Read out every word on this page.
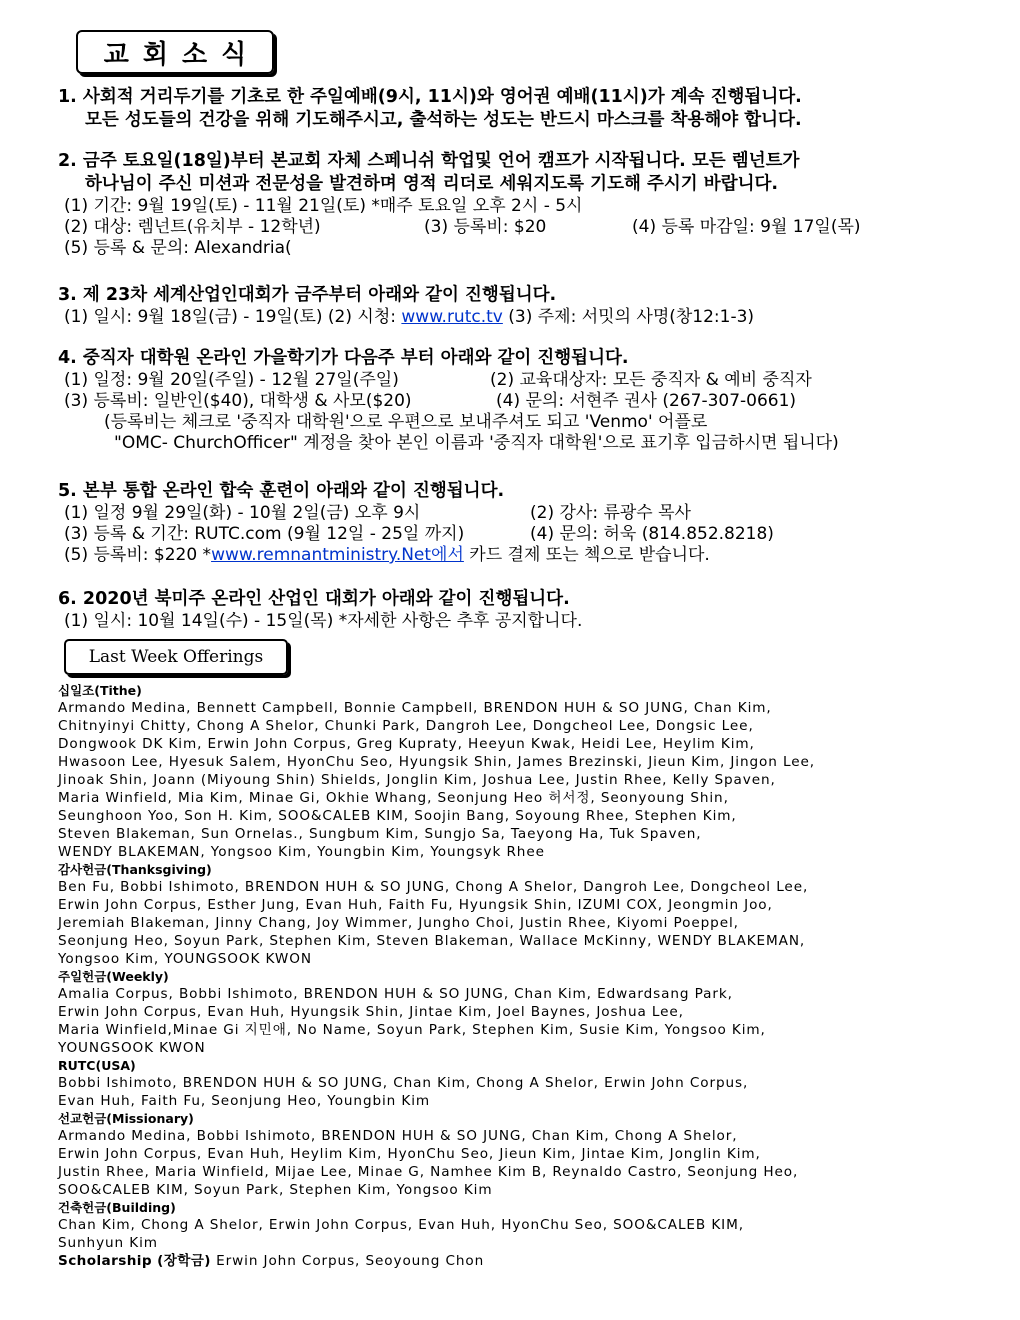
교회소식
1. 사회적 거리두기를 기초로 한 주일예배(9시, 11시)와 영어권 예배(11시)가 계속 진행됩니다.
모든 성도들의 건강을 위해 기도해주시고, 출석하는 성도는 반드시 마스크를 착용해야 합니다.
2. 금주 토요일(18일)부터 본교회 자체 스페니쉬 학업및 언어 캠프가 시작됩니다. 모든 렘넌트가
하나님이 주신 미션과 전문성을 발견하며 영적 리더로 세워지도록 기도해 주시기 바랍니다.
(1) 기간: 9월 19일(토) - 11월 21일(토) *매주 토요일 오후 2시 - 5시
(2) 대상: 렘넌트(유치부 - 12학년)	(3) 등록비: $20	(4) 등록 마감일: 9월 17일(목)
(5) 등록 & 문의: Alexandria(
3. 제 23차 세계산업인대회가 금주부터 아래와 같이 진행됩니다.
(1) 일시: 9월 18일(금) - 19일(토) (2) 시청: www.rutc.tv (3) 주제: 서밋의 사명(창12:1-3)
4. 중직자 대학원 온라인 가을학기가 다음주 부터 아래와 같이 진행됩니다.
(1) 일정: 9월 20일(주일) - 12월 27일(주일)	(2) 교육대상자: 모든 중직자 & 예비 중직자
(3) 등록비: 일반인($40), 대학생 & 사모($20)	(4) 문의: 서현주 권사 (267-307-0661)
(등록비는 체크로 '중직자 대학원'으로 우편으로 보내주셔도 되고 'Venmo' 어플로
"OMC- ChurchOfficer" 계정을 찾아 본인 이름과 '중직자 대학원'으로 표기후 입금하시면 됩니다)
5. 본부 통합 온라인 합숙 훈련이 아래와 같이 진행됩니다.
(1) 일정 9월 29일(화) - 10월 2일(금) 오후 9시	(2) 강사: 류광수 목사
(3) 등록 & 기간: RUTC.com (9월 12일 - 25일 까지)	(4) 문의: 허욱 (814.852.8218)
(5) 등록비: $220 *www.remnantministry.Net에서 카드 결제 또는 첵으로 받습니다.
6. 2020년 북미주 온라인 산업인 대회가 아래와 같이 진행됩니다.
(1) 일시: 10월 14일(수) - 15일(목) *자세한 사항은 추후 공지합니다.
Last Week Offerings
십일조(Tithe)
Armando Medina, Bennett Campbell, Bonnie Campbell, BRENDON HUH & SO JUNG, Chan Kim,
Chitnyinyi Chitty, Chong A Shelor, Chunki Park, Dangroh Lee, Dongcheol Lee, Dongsic Lee,
Dongwook DK Kim, Erwin John Corpus, Greg Kupraty, Heeyun Kwak, Heidi Lee, Heylim Kim,
Hwasoon Lee, Hyesuk Salem, HyonChu Seo, Hyungsik Shin, James Brezinski, Jieun Kim, Jingon Lee,
Jinoak Shin, Joann (Miyoung Shin) Shields, Jonglin Kim, Joshua Lee, Justin Rhee, Kelly Spaven,
Maria Winfield, Mia Kim, Minae Gi, Okhie Whang, Seonjung Heo 허서정, Seonyoung Shin,
Seunghoon Yoo, Son H. Kim, SOO&CALEB KIM, Soojin Bang, Soyoung Rhee, Stephen Kim,
Steven Blakeman, Sun Ornelas., Sungbum Kim, Sungjo Sa, Taeyong Ha, Tuk Spaven,
WENDY BLAKEMAN, Yongsoo Kim, Youngbin Kim, Youngsyk Rhee
감사헌금(Thanksgiving)
Ben Fu, Bobbi Ishimoto, BRENDON HUH & SO JUNG, Chong A Shelor, Dangroh Lee, Dongcheol Lee,
Erwin John Corpus, Esther Jung, Evan Huh, Faith Fu, Hyungsik Shin, IZUMI COX, Jeongmin Joo,
Jeremiah Blakeman, Jinny Chang, Joy Wimmer, Jungho Choi, Justin Rhee, Kiyomi Poeppel,
Seonjung Heo, Soyun Park, Stephen Kim, Steven Blakeman, Wallace McKinny, WENDY BLAKEMAN,
Yongsoo Kim, YOUNGSOOK KWON
주일헌금(Weekly)
Amalia Corpus, Bobbi Ishimoto, BRENDON HUH & SO JUNG, Chan Kim, Edwardsang Park,
Erwin John Corpus, Evan Huh, Hyungsik Shin, Jintae Kim, Joel Baynes, Joshua Lee,
Maria Winfield,Minae Gi 지민애, No Name, Soyun Park, Stephen Kim, Susie Kim, Yongsoo Kim,
YOUNGSOOK KWON
RUTC(USA)
Bobbi Ishimoto, BRENDON HUH & SO JUNG, Chan Kim, Chong A Shelor, Erwin John Corpus,
Evan Huh, Faith Fu, Seonjung Heo, Youngbin Kim
선교헌금(Missionary)
Armando Medina, Bobbi Ishimoto, BRENDON HUH & SO JUNG, Chan Kim, Chong A Shelor,
Erwin John Corpus, Evan Huh, Heylim Kim, HyonChu Seo, Jieun Kim, Jintae Kim, Jonglin Kim,
Justin Rhee, Maria Winfield, Mijae Lee, Minae G, Namhee Kim B, Reynaldo Castro, Seonjung Heo,
SOO&CALEB KIM, Soyun Park, Stephen Kim, Yongsoo Kim
건축헌금(Building)
Chan Kim, Chong A Shelor, Erwin John Corpus, Evan Huh, HyonChu Seo, SOO&CALEB KIM,
Sunhyun Kim
Scholarship (장학금) Erwin John Corpus, Seoyoung Chon
